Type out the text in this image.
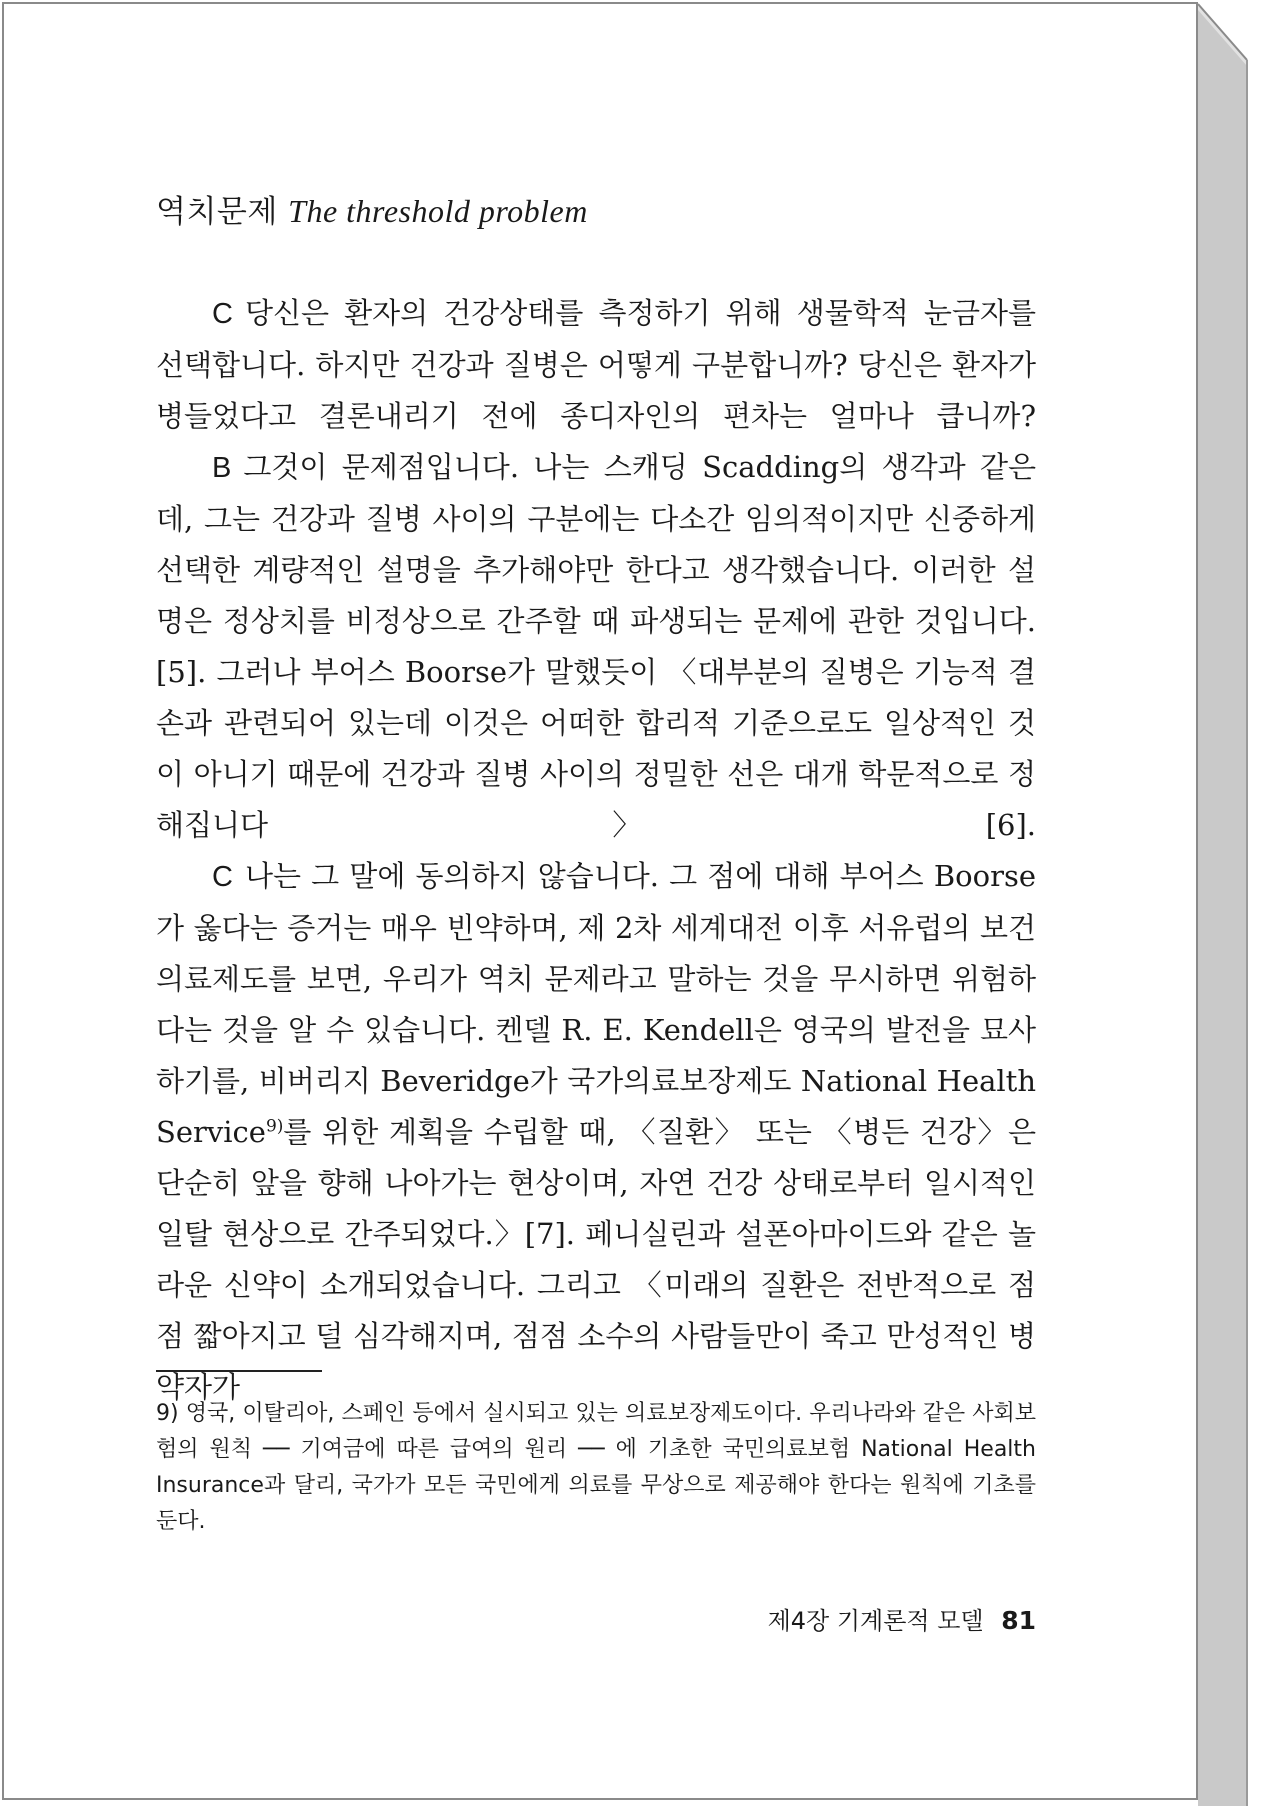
역치문제 The threshold problem

C 당신은 환자의 건강상태를 측정하기 위해 생물학적 눈금자를 선택합니다. 하지만 건강과 질병은 어떻게 구분합니까? 당신은 환자가 병들었다고 결론내리기 전에 종디자인의 편차는 얼마나 큽니까?

B 그것이 문제점입니다. 나는 스캐딩 Scadding의 생각과 같은데, 그는 건강과 질병 사이의 구분에는 다소간 임의적이지만 신중하게 선택한 계량적인 설명을 추가해야만 한다고 생각했습니다. 이러한 설명은 정상치를 비정상으로 간주할 때 파생되는 문제에 관한 것입니다.[5]. 그러나 부어스 Boorse가 말했듯이 〈대부분의 질병은 기능적 결손과 관련되어 있는데 이것은 어떠한 합리적 기준으로도 일상적인 것이 아니기 때문에 건강과 질병 사이의 정밀한 선은 대개 학문적으로 정해집니다〉[6].

C 나는 그 말에 동의하지 않습니다. 그 점에 대해 부어스 Boorse가 옳다는 증거는 매우 빈약하며, 제 2차 세계대전 이후 서유럽의 보건의료제도를 보면, 우리가 역치 문제라고 말하는 것을 무시하면 위험하다는 것을 알 수 있습니다. 켄델 R. E. Kendell은 영국의 발전을 묘사하기를, 비버리지 Beveridge가 국가의료보장제도 National Health Service$^{9)}$를 위한 계획을 수립할 때, 〈질환〉 또는 〈병든 건강〉은 단순히 앞을 향해 나아가는 현상이며, 자연 건강 상태로부터 일시적인 일탈 현상으로 간주되었다.〉[7]. 페니실린과 설폰아마이드와 같은 놀라운 신약이 소개되었습니다. 그리고 〈미래의 질환은 전반적으로 점점 짧아지고 덜 심각해지며, 점점 소수의 사람들만이 죽고 만성적인 병약자가

9) 영국, 이탈리아, 스페인 등에서 실시되고 있는 의료보장제도이다. 우리나라와 같은 사회보험의 원칙 ── 기여금에 따른 급여의 원리 ── 에 기초한 국민의료보험 National Health Insurance과 달리, 국가가 모든 국민에게 의료를 무상으로 제공해야 한다는 원칙에 기초를 둔다.
제4장 기계론적 모델 81
